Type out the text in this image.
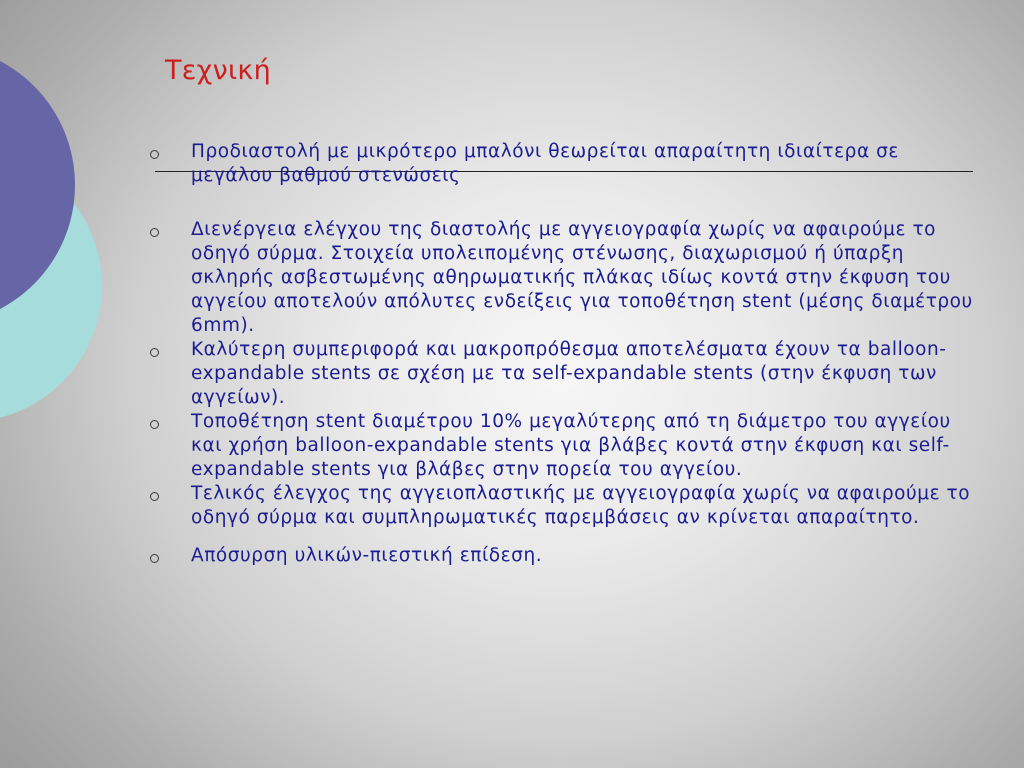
Τεχνική
Προδιαστολή με μικρότερο μπαλόνι θεωρείται απαραίτητη ιδιαίτερα σε μεγάλου βαθμού στενώσεις
Διενέργεια ελέγχου της διαστολής με αγγειογραφία χωρίς να αφαιρούμε το οδηγό σύρμα. Στοιχεία υπολειπομένης στένωσης, διαχωρισμού ή ύπαρξη σκληρής ασβεστωμένης αθηρωματικής πλάκας ιδίως κοντά στην έκφυση του αγγείου αποτελούν απόλυτες ενδείξεις για τοποθέτηση stent (μέσης διαμέτρου 6mm).
Καλύτερη συμπεριφορά και μακροπρόθεσμα αποτελέσματα έχουν τα balloon-expandable stents σε σχέση με τα self-expandable stents (στην έκφυση των αγγείων).
Τοποθέτηση stent διαμέτρου 10% μεγαλύτερης από τη διάμετρο του αγγείου και χρήση balloon-expandable stents για βλάβες κοντά στην έκφυση και self-expandable stents για βλάβες στην πορεία του αγγείου.
Τελικός έλεγχος της αγγειοπλαστικής με αγγειογραφία χωρίς να αφαιρούμε το οδηγό σύρμα και συμπληρωματικές παρεμβάσεις αν κρίνεται απαραίτητο.
Απόσυρση υλικών-πιεστική επίδεση.
